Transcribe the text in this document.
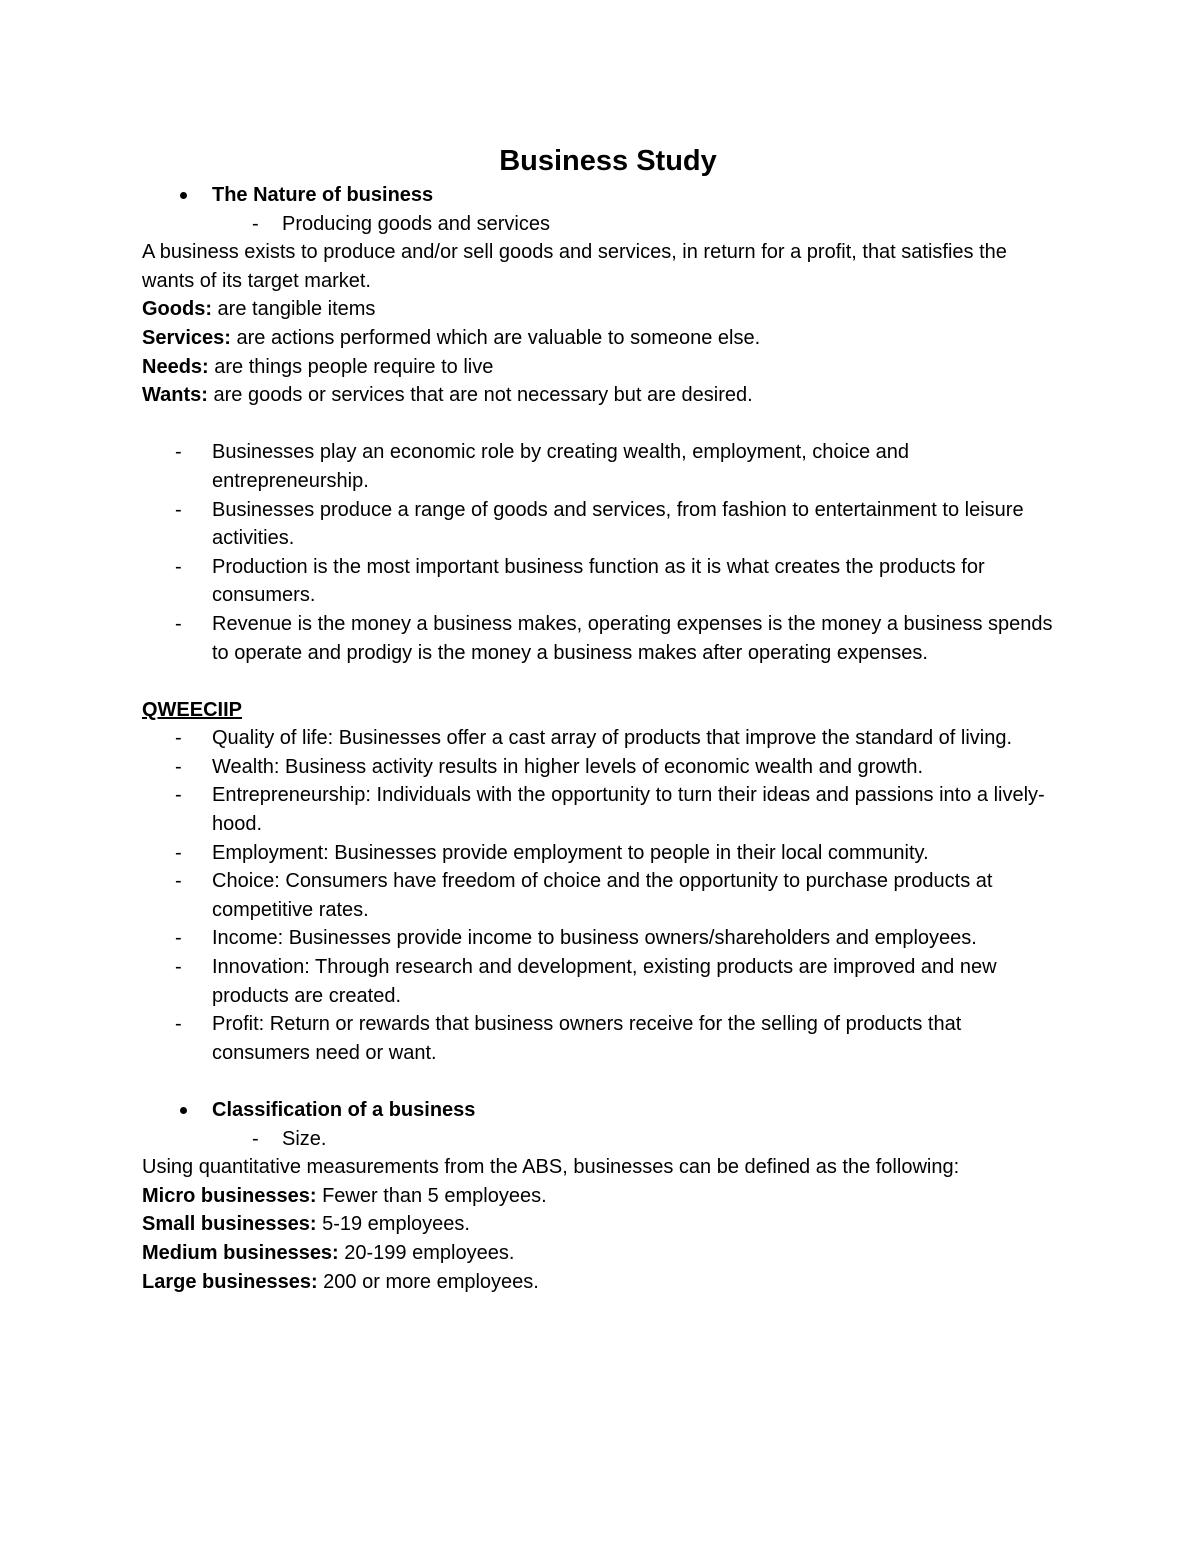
Business Study
The Nature of business
- Producing goods and services

A business exists to produce and/or sell goods and services, in return for a profit, that satisfies the wants of its target market.

Goods: are tangible items

Services: are actions performed which are valuable to someone else.

Needs: are things people require to live

Wants: are goods or services that are not necessary but are desired.

- Businesses play an economic role by creating wealth, employment, choice and entrepreneurship.
- Businesses produce a range of goods and services, from fashion to entertainment to leisure activities.
- Production is the most important business function as it is what creates the products for consumers.
- Revenue is the money a business makes, operating expenses is the money a business spends to operate and prodigy is the money a business makes after operating expenses.

QWEECIIP

- Quality of life: Businesses offer a cast array of products that improve the standard of living.
- Wealth: Business activity results in higher levels of economic wealth and growth.
- Entrepreneurship: Individuals with the opportunity to turn their ideas and passions into a lively-hood.
- Employment: Businesses provide employment to people in their local community.
- Choice: Consumers have freedom of choice and the opportunity to purchase products at competitive rates.
- Income: Businesses provide income to business owners/shareholders and employees.
- Innovation: Through research and development, existing products are improved and new products are created.
- Profit: Return or rewards that business owners receive for the selling of products that consumers need or want.
Classification of a business
- Size.

Using quantitative measurements from the ABS, businesses can be defined as the following:

Micro businesses: Fewer than 5 employees.

Small businesses: 5-19 employees.

Medium businesses: 20-199 employees.

Large businesses: 200 or more employees.
